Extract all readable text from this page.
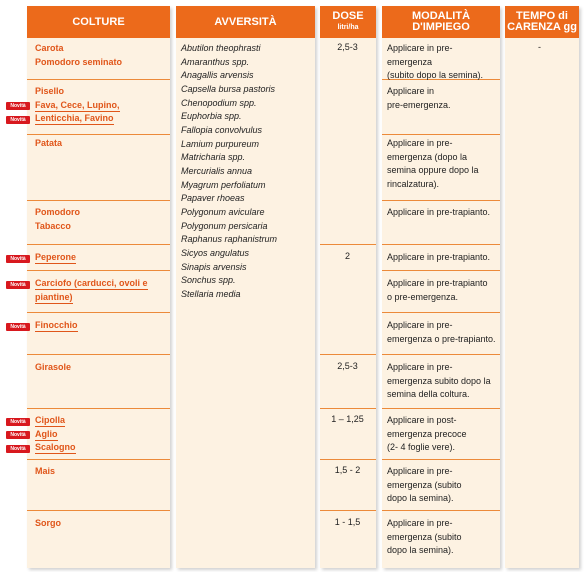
COLTURE	AVVERSITÀ	DOSE
litri/ha
MODALITÀ D'IMPIEGO
TEMPO di
CARENZA gg
Carota
Pomodoro seminato
Pisello
Fava, Cece, Lupino,
Lenticchia, Favino
Patata
Pomodoro
Tabacco
Peperone
Carciofo (carducci, ovoli e
piantine)
Finocchio
Girasole
Cipolla
Aglio
Scalogno
Mais
Sorgo
Novità
Novità
Novità
Novità
Novità
Novità
Novità
Novità
Abutilon theophrasti
Amaranthus spp.
Anagallis arvensis
Capsella bursa pastoris
Chenopodium spp.
Euphorbia spp.
Fallopia convolvulus
Lamium purpureum
Matricharia spp.
Mercurialis annua
Myagrum perfoliatum
Papaver rhoeas
Polygonum aviculare
Polygonum persicaria
Raphanus raphanistrum
Sicyos angulatus
Sinapis arvensis
Sonchus spp.
Stellaria media
2,5-3
2
2,5-3
1 – 1,25
1,5 - 2
1 - 1,5
Applicare in pre-emergenza
(subito dopo la semina).
Applicare in
pre-emergenza.
Applicare in pre-
emergenza (dopo la
semina oppure dopo la
rincalzatura).
Applicare in pre-trapianto.
Applicare in pre-trapianto.
Applicare in pre-trapianto
o pre-emergenza.
Applicare in pre-
emergenza o pre-trapianto.
Applicare in pre-
emergenza subito dopo la
semina della coltura.
Applicare in post-
emergenza precoce
(2- 4 foglie vere).
Applicare in pre-
emergenza (subito
dopo la semina).
Applicare in pre-
emergenza (subito
dopo la semina).
-
